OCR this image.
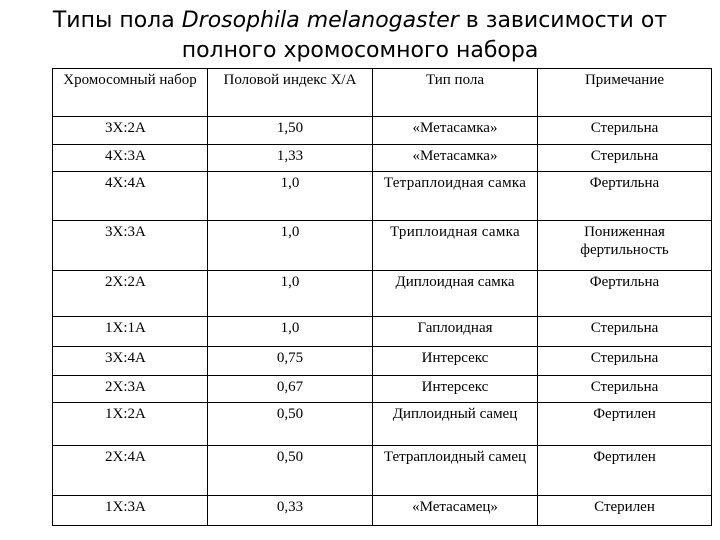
Типы пола Drosophila melanogaster в зависимости от
полного хромосомного набора
Хромосомный набор	Половой индекс Х/А	Тип пола	Примечание
3Х:2А	1,50	«Метасамка»	Стерильна
4Х:3А	1,33	«Метасамка»	Стерильна
4Х:4А	1,0	Тетраплоидная самка	Фертильна
3Х:3А	1,0	Триплоидная самка	Пониженная фертильность
2Х:2А	1,0	Диплоидная самка	Фертильна
1Х:1А	1,0	Гаплоидная	Стерильна
3Х:4А	0,75	Интерсекс	Стерильна
2Х:3А	0,67	Интерсекс	Стерильна
1Х:2А	0,50	Диплоидный самец	Фертилен
2Х:4А	0,50	Тетраплоидный самец	Фертилен
1Х:3А	0,33	«Метасамец»	Стерилен
